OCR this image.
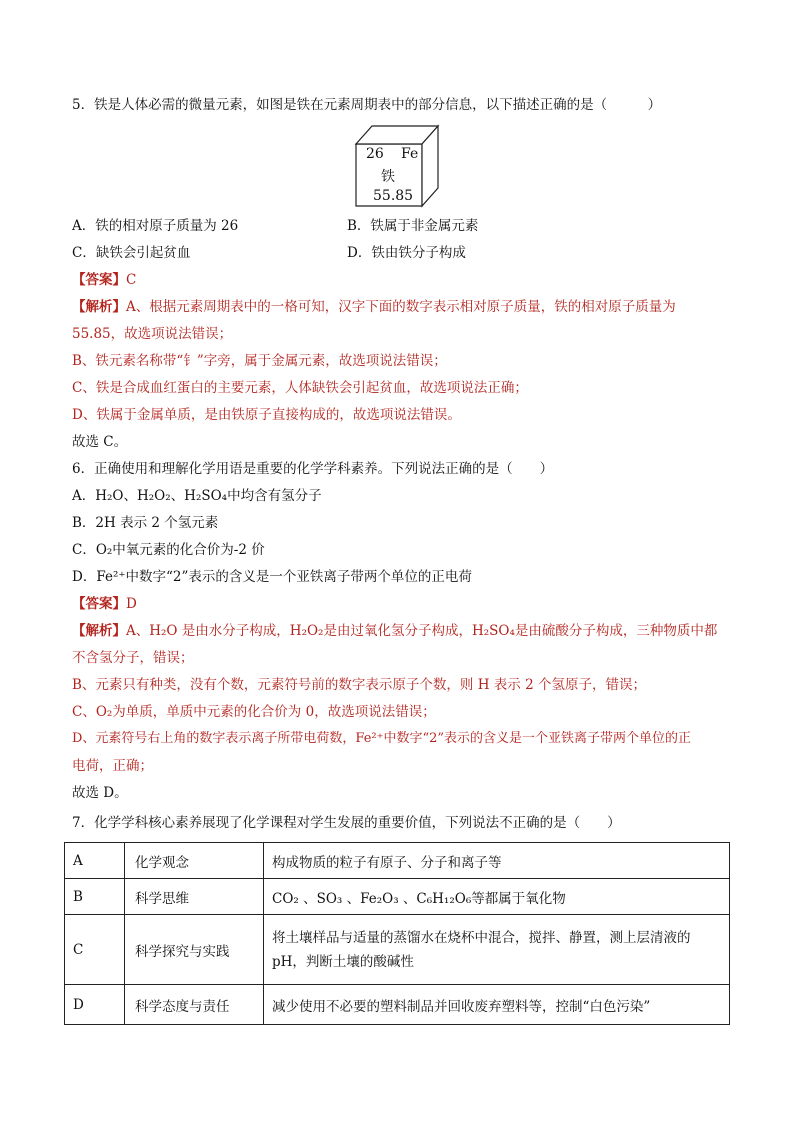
5．铁是人体必需的微量元素，如图是铁在元素周期表中的部分信息，以下描述正确的是（　　　）
26 Fe
铁
55.85
A．铁的相对原子质量为 26	B．铁属于非金属元素
C．缺铁会引起贫血	D．铁由铁分子构成
【答案】C
【解析】A、根据元素周期表中的一格可知，汉字下面的数字表示相对原子质量，铁的相对原子质量为
55.85，故选项说法错误；
B、铁元素名称带“钅”字旁，属于金属元素，故选项说法错误；
C、铁是合成血红蛋白的主要元素，人体缺铁会引起贫血，故选项说法正确；
D、铁属于金属单质，是由铁原子直接构成的，故选项说法错误。
故选 C。
6．正确使用和理解化学用语是重要的化学学科素养。下列说法正确的是（　　）
A．H₂O、H₂O₂、H₂SO₄中均含有氢分子
B．2H 表示 2 个氢元素
C．O₂中氧元素的化合价为-2 价
D．Fe²⁺中数字“2”表示的含义是一个亚铁离子带两个单位的正电荷
【答案】D
【解析】A、H₂O 是由水分子构成，H₂O₂是由过氧化氢分子构成，H₂SO₄是由硫酸分子构成，三种物质中都
不含氢分子，错误；
B、元素只有种类，没有个数，元素符号前的数字表示原子个数，则 H 表示 2 个氢原子，错误；
C、O₂为单质，单质中元素的化合价为 0，故选项说法错误；
D、元素符号右上角的数字表示离子所带电荷数，Fe²⁺中数字“2”表示的含义是一个亚铁离子带两个单位的正
电荷，正确；
故选 D。
7．化学学科核心素养展现了化学课程对学生发展的重要价值，下列说法不正确的是（　　）
A	化学观念	构成物质的粒子有原子、分子和离子等
B	科学思维	CO₂ 、SO₃ 、Fe₂O₃ 、C₆H₁₂O₆等都属于氧化物
C	科学探究与实践	将土壤样品与适量的蒸馏水在烧杯中混合，搅拌、静置，测上层清液的 pH，判断土壤的酸碱性
D	科学态度与责任	减少使用不必要的塑料制品并回收废弃塑料等，控制“白色污染”
